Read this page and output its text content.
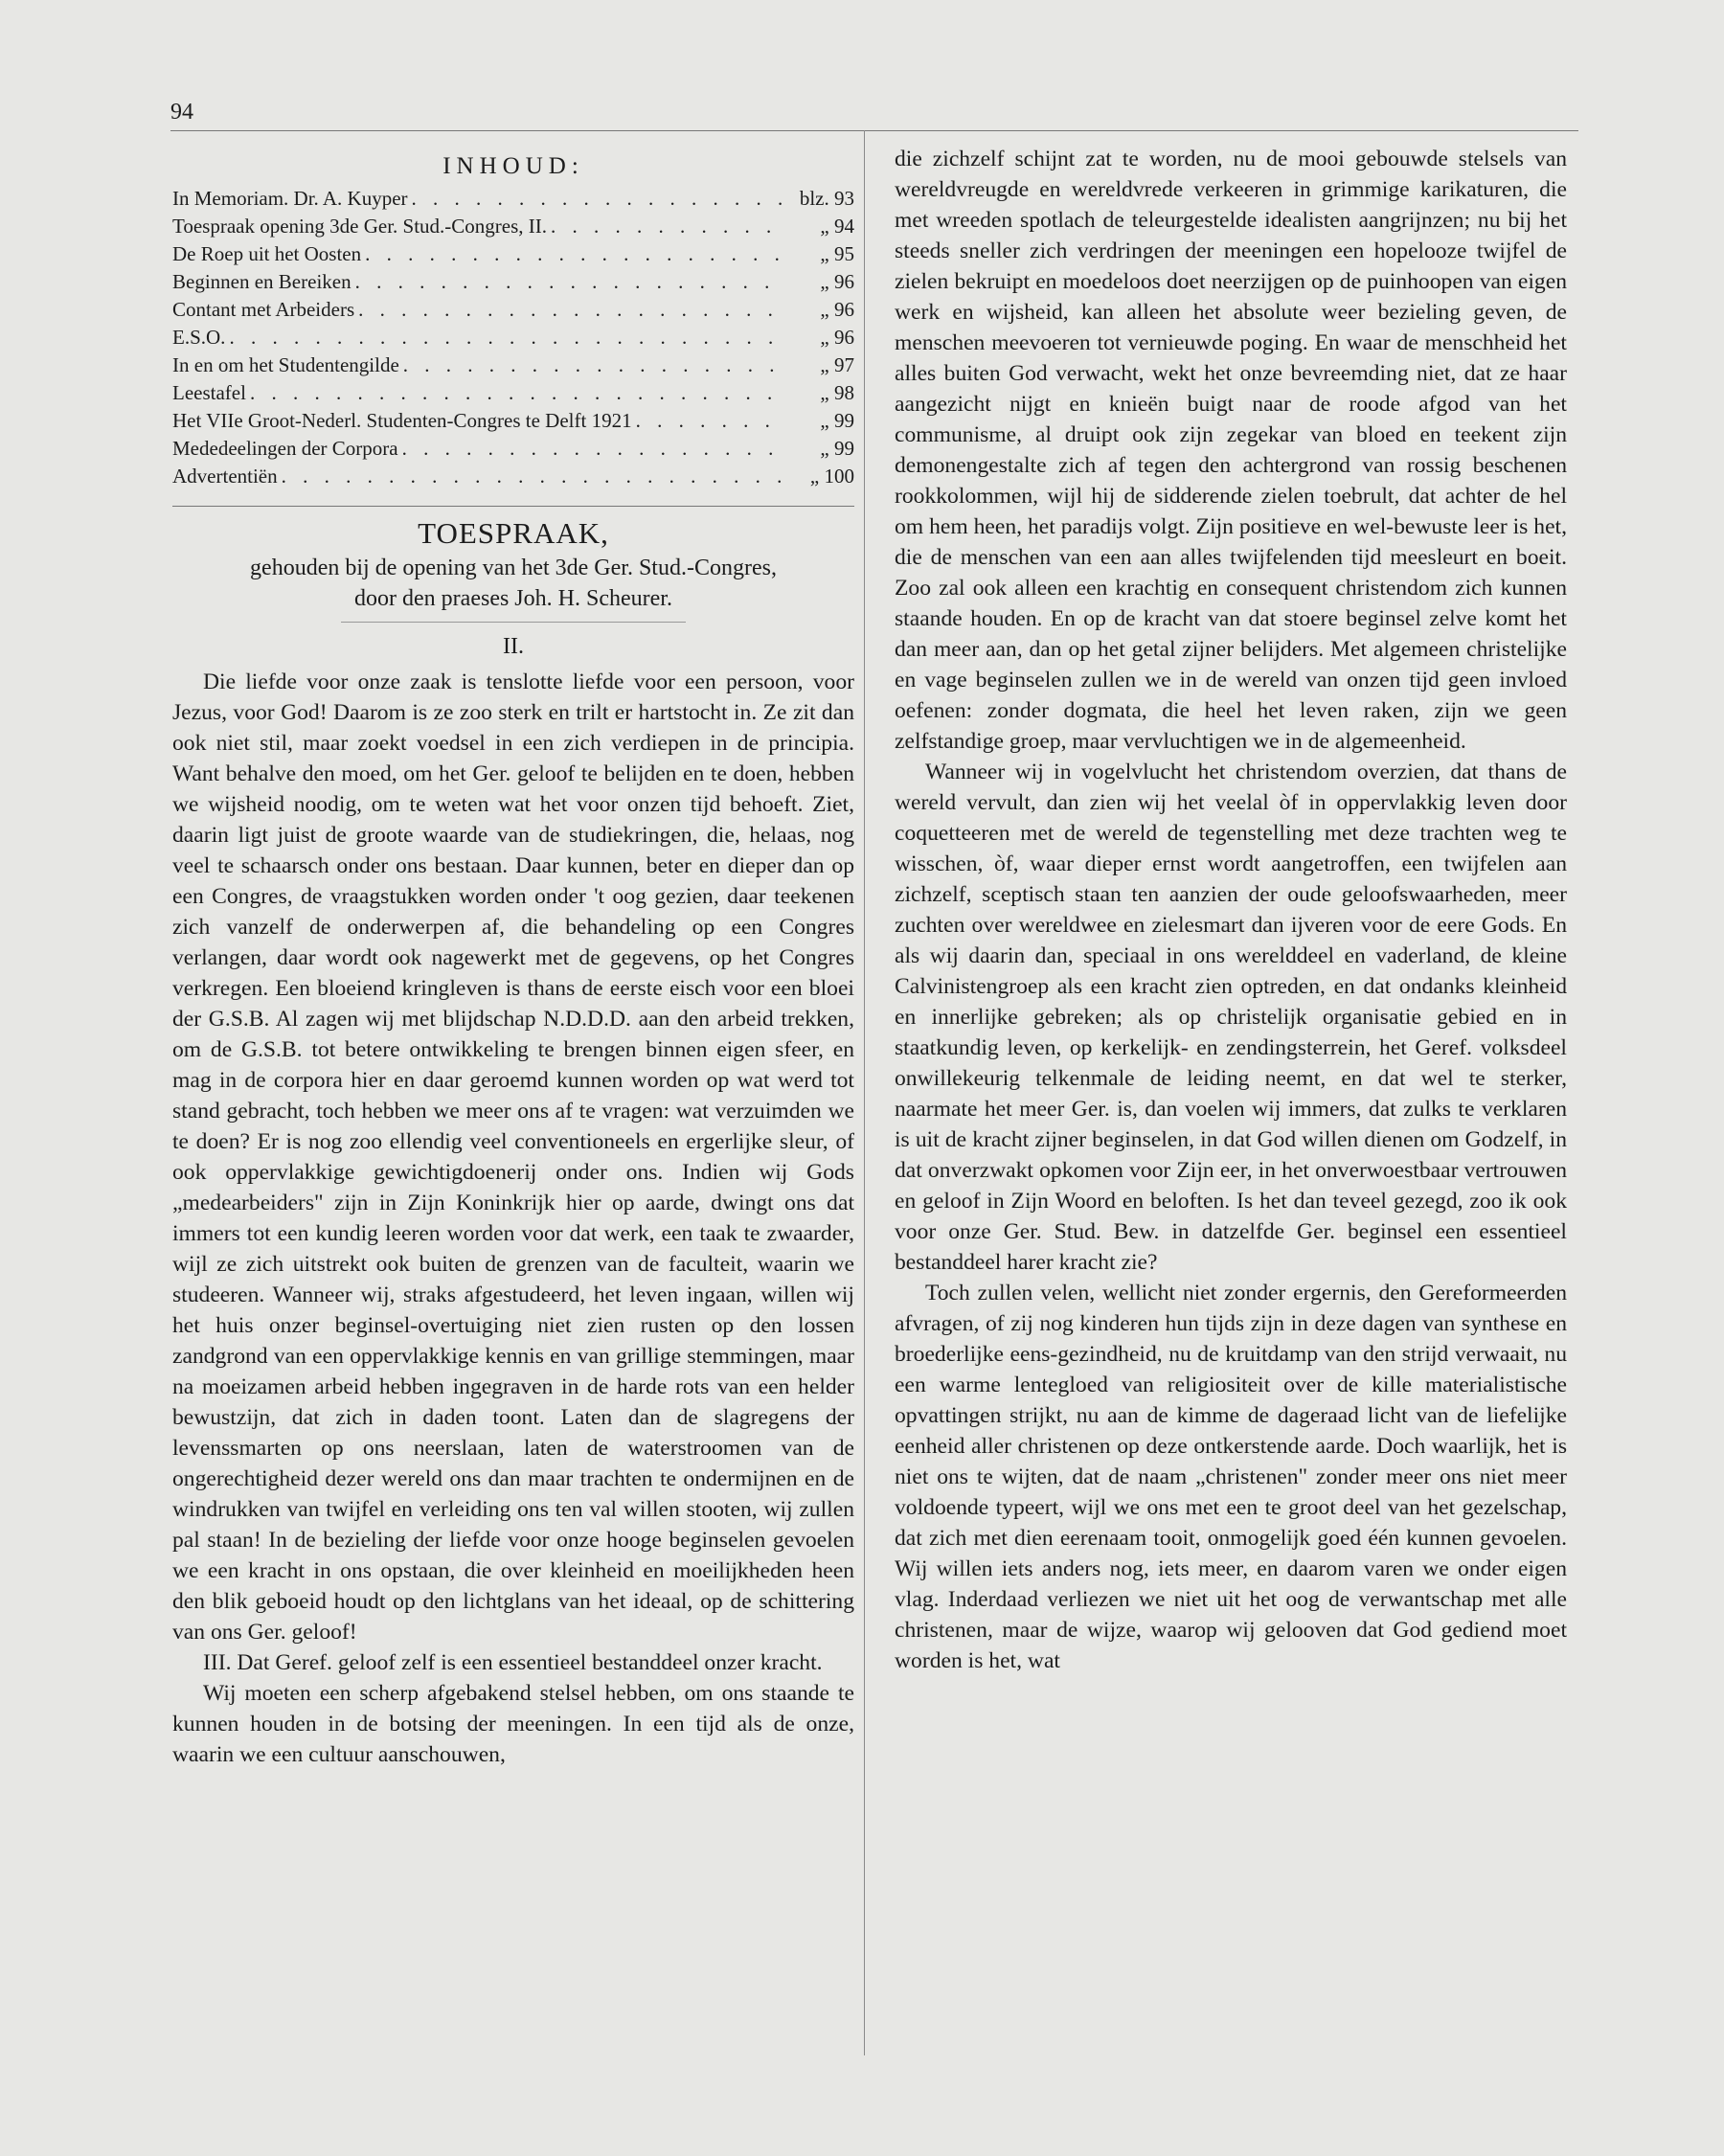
94
INHOUD:
In Memoriam. Dr. A. Kuyper . . .	blz. 93
Toespraak opening 3de Ger. Stud.-Congres, II. . . .	„ 94
De Roep uit het Oosten . . .	„ 95
Beginnen en Bereiken . . .	„ 96
Contant met Arbeiders . . .	„ 96
E.S.O. . . .	„ 96
In en om het Studentengilde . . .	„ 97
Leestafel . . .	„ 98
Het VIIe Groot-Nederl. Studenten-Congres te Delft 1921 . . .	„ 99
Mededeelingen der Corpora . . .	„ 99
Advertentiën . . .	„ 100
TOESPRAAK,
gehouden bij de opening van het 3de Ger. Stud.-Congres,
door den praeses Joh. H. Scheurer.
II.

Die liefde voor onze zaak is tenslotte liefde voor een persoon, voor Jezus, voor God! Daarom is ze zoo sterk en trilt er hartstocht in. Ze zit dan ook niet stil, maar zoekt voedsel in een zich verdiepen in de principia. Want behalve den moed, om het Ger. geloof te belijden en te doen, hebben we wijsheid noodig, om te weten wat het voor onzen tijd behoeft. Ziet, daarin ligt juist de groote waarde van de studiekringen, die, helaas, nog veel te schaarsch onder ons bestaan. Daar kunnen, beter en dieper dan op een Congres, de vraagstukken worden onder 't oog gezien, daar teekenen zich vanzelf de onderwerpen af, die behandeling op een Congres verlangen, daar wordt ook nagewerkt met de gegevens, op het Congres verkregen. Een bloeiend kringleven is thans de eerste eisch voor een bloei der G.S.B. Al zagen wij met blijdschap N.D.D.D. aan den arbeid trekken, om de G.S.B. tot betere ontwikkeling te brengen binnen eigen sfeer, en mag in de corpora hier en daar geroemd kunnen worden op wat werd tot stand gebracht, toch hebben we meer ons af te vragen: wat verzuimden we te doen? Er is nog zoo ellendig veel conventioneels en ergerlijke sleur, of ook oppervlakkige gewichtigdoenerij onder ons. Indien wij Gods „medearbeiders" zijn in Zijn Koninkrijk hier op aarde, dwingt ons dat immers tot een kundig leeren worden voor dat werk, een taak te zwaarder, wijl ze zich uitstrekt ook buiten de grenzen van de faculteit, waarin we studeeren. Wanneer wij, straks afgestudeerd, het leven ingaan, willen wij het huis onzer beginsel-overtuiging niet zien rusten op den lossen zandgrond van een oppervlakkige kennis en van grillige stemmingen, maar na moeizamen arbeid hebben ingegraven in de harde rots van een helder bewustzijn, dat zich in daden toont. Laten dan de slagregens der levenssmarten op ons neerslaan, laten de waterstroomen van de ongerechtigheid dezer wereld ons dan maar trachten te ondermijnen en de windrukken van twijfel en verleiding ons ten val willen stooten, wij zullen pal staan! In de bezieling der liefde voor onze hooge beginselen gevoelen we een kracht in ons opstaan, die over kleinheid en moeilijkheden heen den blik geboeid houdt op den lichtglans van het ideaal, op de schittering van ons Ger. geloof!

III. Dat Geref. geloof zelf is een essentieel bestanddeel onzer kracht.

Wij moeten een scherp afgebakend stelsel hebben, om ons staande te kunnen houden in de botsing der meeningen. In een tijd als de onze, waarin we een cultuur aanschouwen,

die zichzelf schijnt zat te worden, nu de mooi gebouwde stelsels van wereldvreugde en wereldvrede verkeeren in grimmige karikaturen, die met wreeden spotlach de teleurgestelde idealisten aangrijnzen; nu bij het steeds sneller zich verdringen der meeningen een hopelooze twijfel de zielen bekruipt en moedeloos doet neerzijgen op de puinhoopen van eigen werk en wijsheid, kan alleen het absolute weer bezieling geven, de menschen meevoeren tot vernieuwde poging. En waar de menschheid het alles buiten God verwacht, wekt het onze bevreemding niet, dat ze haar aangezicht nijgt en knieën buigt naar de roode afgod van het communisme, al druipt ook zijn zegekar van bloed en teekent zijn demonengestalte zich af tegen den achtergrond van rossig beschenen rookkolommen, wijl hij de sidderende zielen toebrult, dat achter de hel om hem heen, het paradijs volgt. Zijn positieve en wel-bewuste leer is het, die de menschen van een aan alles twijfelenden tijd meesleurt en boeit. Zoo zal ook alleen een krachtig en consequent christendom zich kunnen staande houden. En op de kracht van dat stoere beginsel zelve komt het dan meer aan, dan op het getal zijner belijders. Met algemeen christelijke en vage beginselen zullen we in de wereld van onzen tijd geen invloed oefenen: zonder dogmata, die heel het leven raken, zijn we geen zelfstandige groep, maar vervluchtigen we in de algemeenheid.

Wanneer wij in vogelvlucht het christendom overzien, dat thans de wereld vervult, dan zien wij het veelal òf in oppervlakkig leven door coquetteeren met de wereld de tegenstelling met deze trachten weg te wisschen, òf, waar dieper ernst wordt aangetroffen, een twijfelen aan zichzelf, sceptisch staan ten aanzien der oude geloofswaarheden, meer zuchten over wereldwee en zielesmart dan ijveren voor de eere Gods. En als wij daarin dan, speciaal in ons werelddeel en vaderland, de kleine Calvinistengroep als een kracht zien optreden, en dat ondanks kleinheid en innerlijke gebreken; als op christelijk organisatie gebied en in staatkundig leven, op kerkelijk- en zendingsterrein, het Geref. volksdeel onwillekeurig telkenmale de leiding neemt, en dat wel te sterker, naarmate het meer Ger. is, dan voelen wij immers, dat zulks te verklaren is uit de kracht zijner beginselen, in dat God willen dienen om Godzelf, in dat onverzwakt opkomen voor Zijn eer, in het onverwoestbaar vertrouwen en geloof in Zijn Woord en beloften. Is het dan teveel gezegd, zoo ik ook voor onze Ger. Stud. Bew. in datzelfde Ger. beginsel een essentieel bestanddeel harer kracht zie?

Toch zullen velen, wellicht niet zonder ergernis, den Gereformeerden afvragen, of zij nog kinderen hun tijds zijn in deze dagen van synthese en broederlijke eens-gezindheid, nu de kruitdamp van den strijd verwaait, nu een warme lentegloed van religiositeit over de kille materialistische opvattingen strijkt, nu aan de kimme de dageraad licht van de liefelijke eenheid aller christenen op deze ontkerstende aarde. Doch waarlijk, het is niet ons te wijten, dat de naam „christenen" zonder meer ons niet meer voldoende typeert, wijl we ons met een te groot deel van het gezelschap, dat zich met dien eerenaam tooit, onmogelijk goed één kunnen gevoelen. Wij willen iets anders nog, iets meer, en daarom varen we onder eigen vlag. Inderdaad verliezen we niet uit het oog de verwantschap met alle christenen, maar de wijze, waarop wij gelooven dat God gediend moet worden is het, wat
